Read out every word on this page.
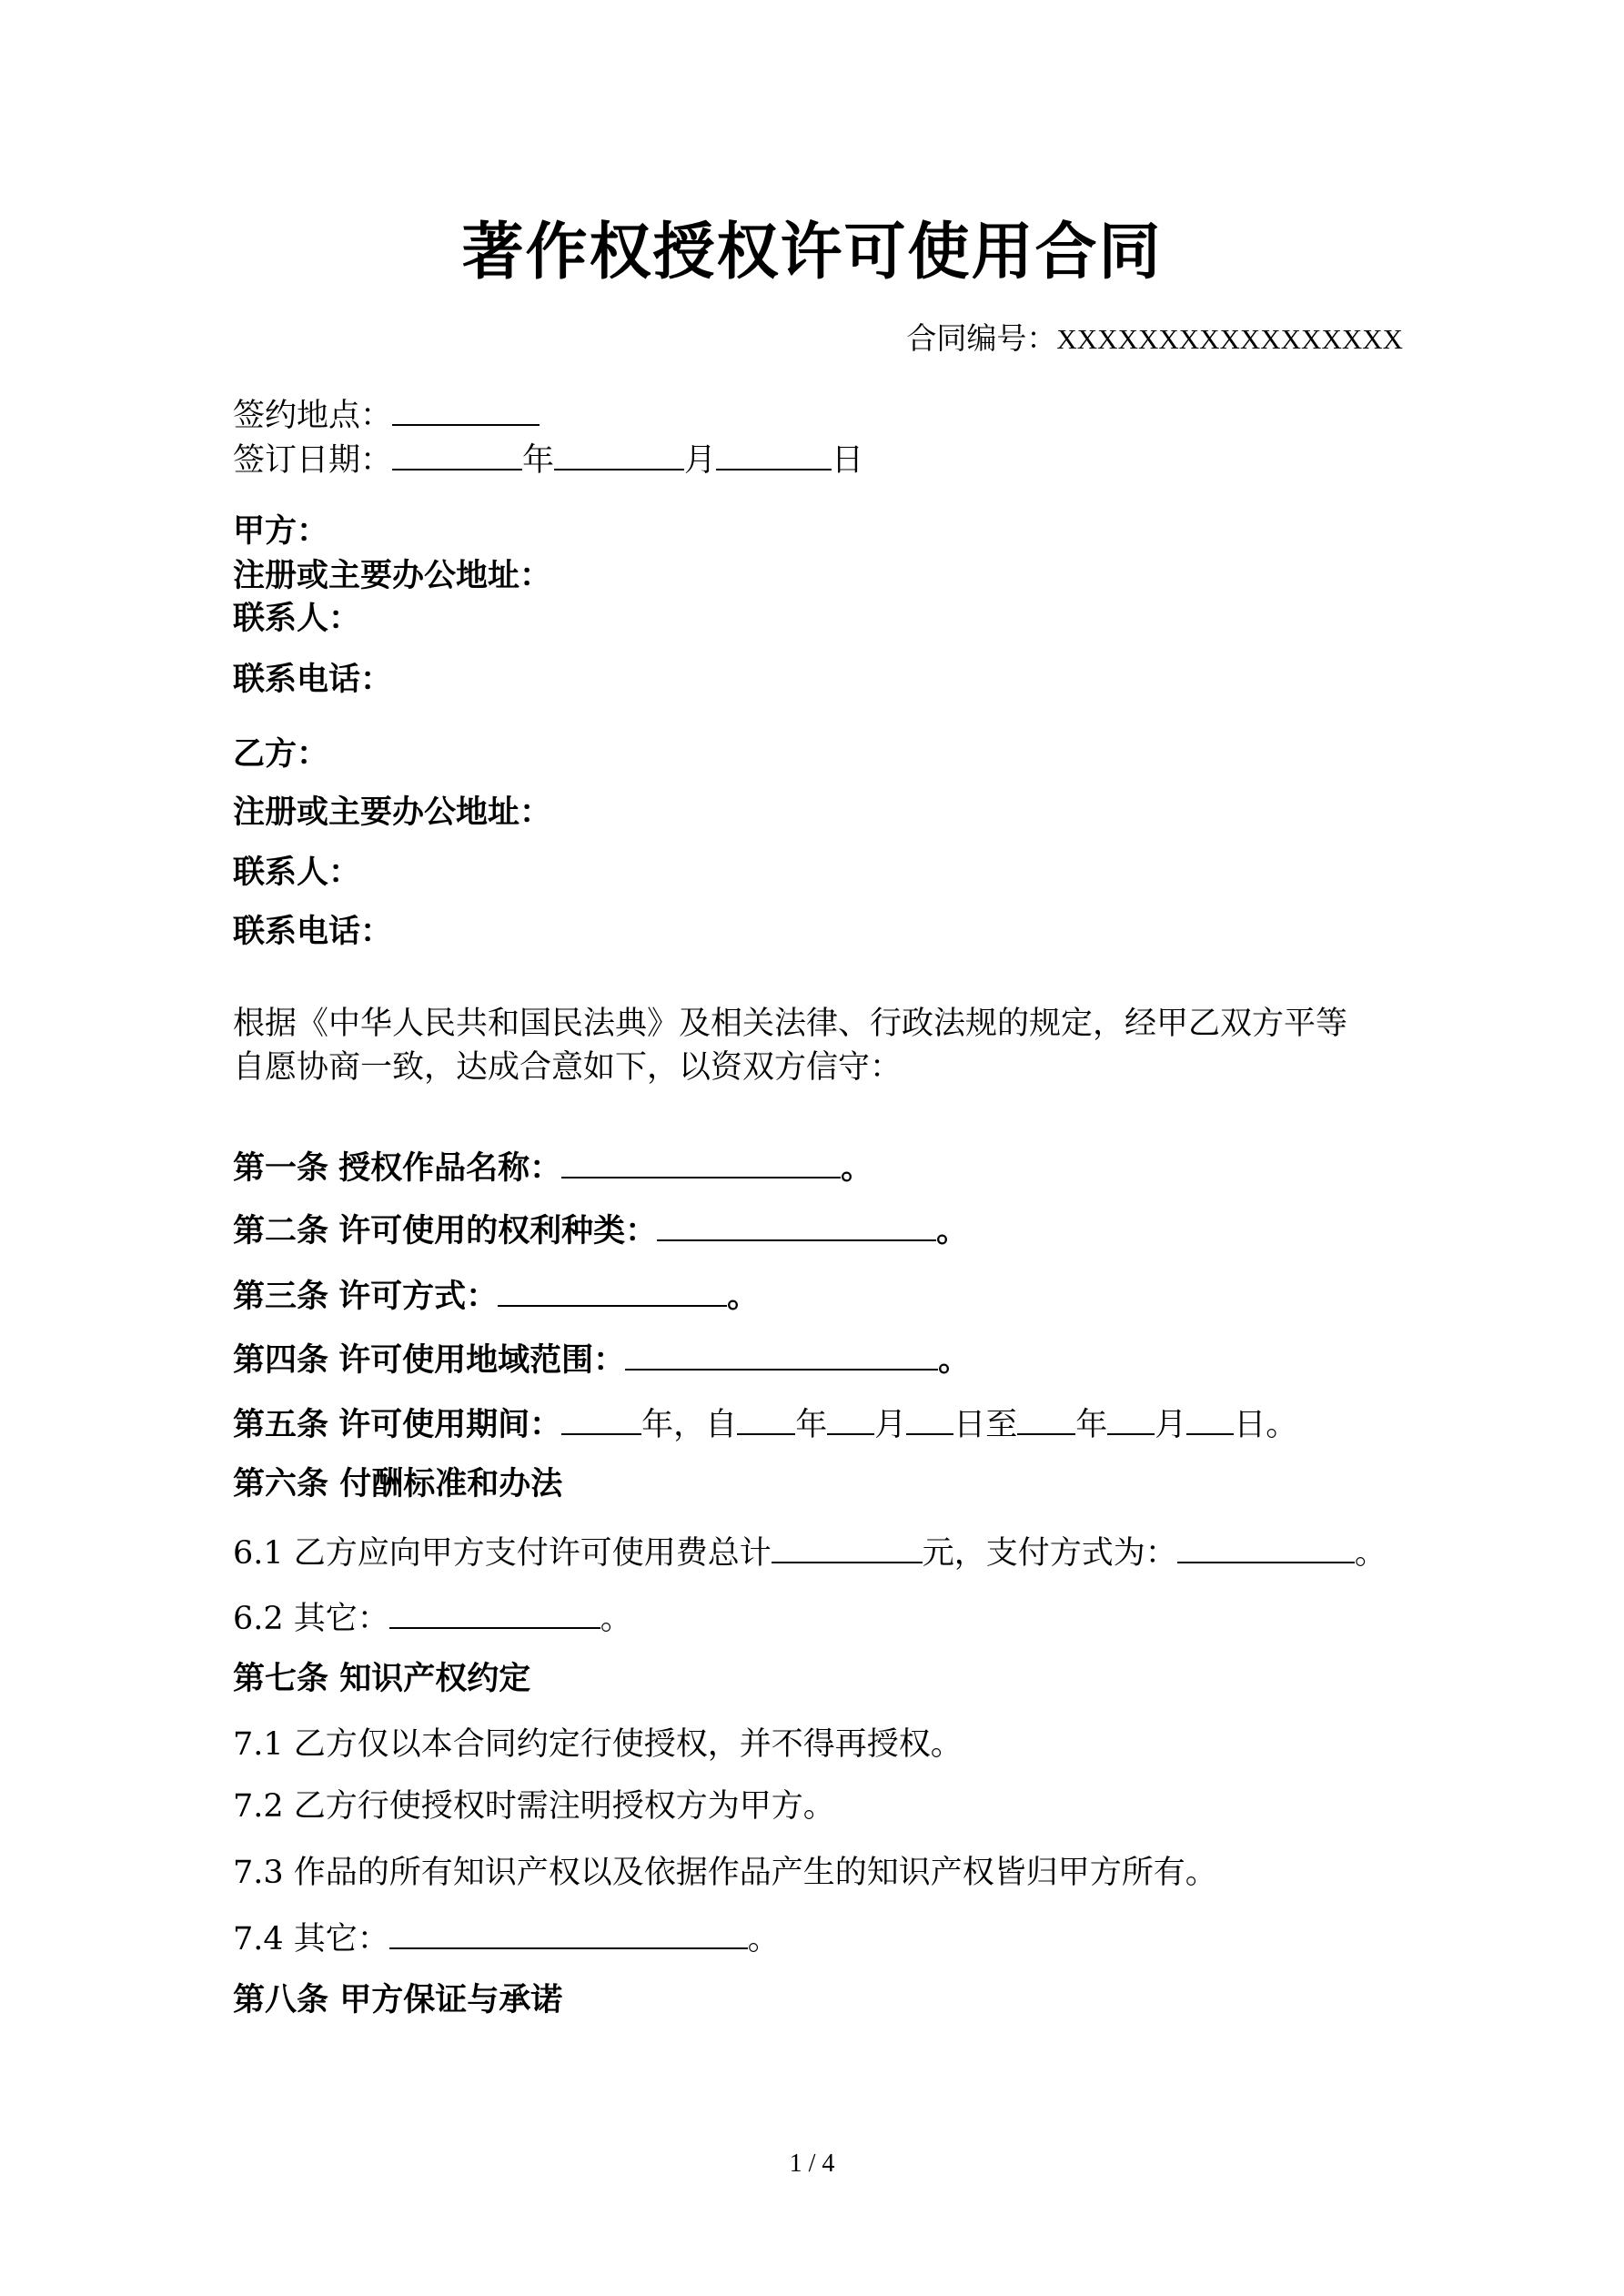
著作权授权许可使用合同
合同编号：XXXXXXXXXXXXXXXXX
签约地点：
签订日期：	年	月	日
甲方：
注册或主要办公地址：
联系人：
联系电话：
乙方：
注册或主要办公地址：
联系人：
联系电话：
根据《中华人民共和国民法典》及相关法律、行政法规的规定，经甲乙双方平等
自愿协商一致，达成合意如下，以资双方信守：
第一条 授权作品名称：	。
第二条 许可使用的权利种类：	。
第三条 许可方式：	。
第四条 许可使用地域范围：	。
第五条 许可使用期间：	年，自 年 月 日至 年 月 日。
第六条 付酬标准和办法
6.1 乙方应向甲方支付许可使用费总计	元，支付方式为：	。
6.2 其它：	。
第七条 知识产权约定
7.1 乙方仅以本合同约定行使授权，并不得再授权。
7.2 乙方行使授权时需注明授权方为甲方。
7.3 作品的所有知识产权以及依据作品产生的知识产权皆归甲方所有。
7.4 其它：	。
第八条 甲方保证与承诺
1 / 4
